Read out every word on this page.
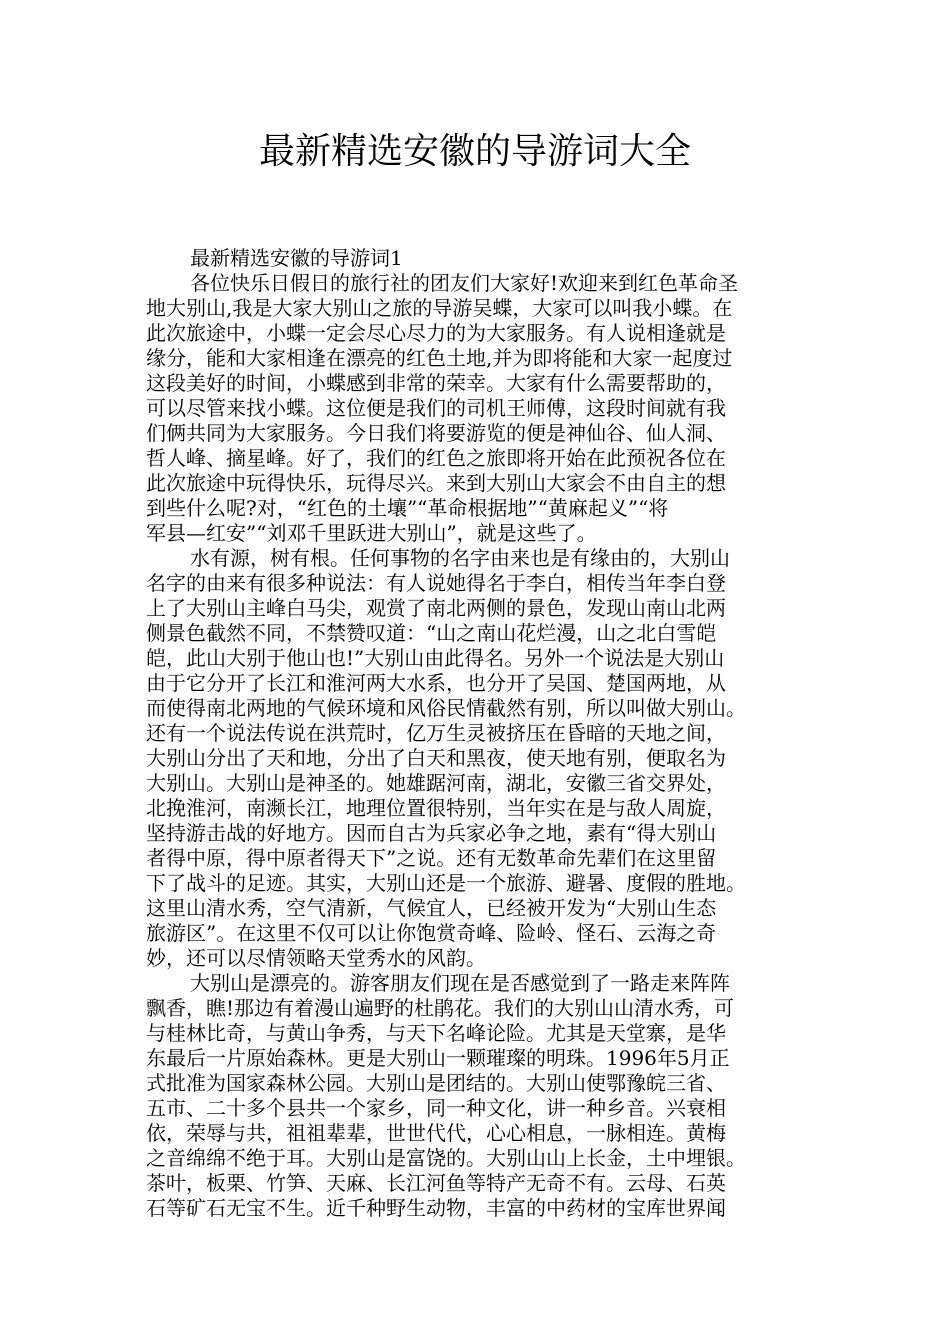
最新精选安徽的导游词大全

最新精选安徽的导游词1

各位快乐日假日的旅行社的团友们大家好!欢迎来到红色革命圣
地大别山,我是大家大别山之旅的导游吴蝶，大家可以叫我小蝶。在
此次旅途中，小蝶一定会尽心尽力的为大家服务。有人说相逢就是
缘分，能和大家相逢在漂亮的红色土地,并为即将能和大家一起度过
这段美好的时间，小蝶感到非常的荣幸。大家有什么需要帮助的，
可以尽管来找小蝶。这位便是我们的司机王师傅，这段时间就有我
们俩共同为大家服务。今日我们将要游览的便是神仙谷、仙人洞、
哲人峰、摘星峰。好了，我们的红色之旅即将开始在此预祝各位在
此次旅途中玩得快乐，玩得尽兴。来到大别山大家会不由自主的想
到些什么呢?对，“红色的土壤”“革命根据地”“黄麻起义”“将
军县—红安”“刘邓千里跃进大别山”，就是这些了。
水有源，树有根。任何事物的名字由来也是有缘由的，大别山
名字的由来有很多种说法：有人说她得名于李白，相传当年李白登
上了大别山主峰白马尖，观赏了南北两侧的景色，发现山南山北两
侧景色截然不同，不禁赞叹道：“山之南山花烂漫，山之北白雪皑
皑，此山大别于他山也!”大别山由此得名。另外一个说法是大别山
由于它分开了长江和淮河两大水系，也分开了吴国、楚国两地，从
而使得南北两地的气候环境和风俗民情截然有别，所以叫做大别山。
还有一个说法传说在洪荒时，亿万生灵被挤压在昏暗的天地之间，
大别山分出了天和地，分出了白天和黑夜，使天地有别，便取名为
大别山。大别山是神圣的。她雄踞河南，湖北，安徽三省交界处，
北挽淮河，南濒长江，地理位置很特别，当年实在是与敌人周旋，
坚持游击战的好地方。因而自古为兵家必争之地，素有“得大别山
者得中原，得中原者得天下”之说。还有无数革命先辈们在这里留
下了战斗的足迹。其实，大别山还是一个旅游、避暑、度假的胜地。
这里山清水秀，空气清新，气候宜人，已经被开发为“大别山生态
旅游区”。在这里不仅可以让你饱赏奇峰、险岭、怪石、云海之奇
妙，还可以尽情领略天堂秀水的风韵。
大别山是漂亮的。游客朋友们现在是否感觉到了一路走来阵阵
飘香，瞧!那边有着漫山遍野的杜鹃花。我们的大别山山清水秀，可
与桂林比奇，与黄山争秀，与天下名峰论险。尤其是天堂寨，是华
东最后一片原始森林。更是大别山一颗璀璨的明珠。1996年5月正
式批准为国家森林公园。大别山是团结的。大别山使鄂豫皖三省、
五市、二十多个县共一个家乡，同一种文化，讲一种乡音。兴衰相
依，荣辱与共，祖祖辈辈，世世代代，心心相息，一脉相连。黄梅
之音绵绵不绝于耳。大别山是富饶的。大别山山上长金，土中埋银。
茶叶，板栗、竹笋、天麻、长江河鱼等特产无奇不有。云母、石英
石等矿石无宝不生。近千种野生动物，丰富的中药材的宝库世界闻
